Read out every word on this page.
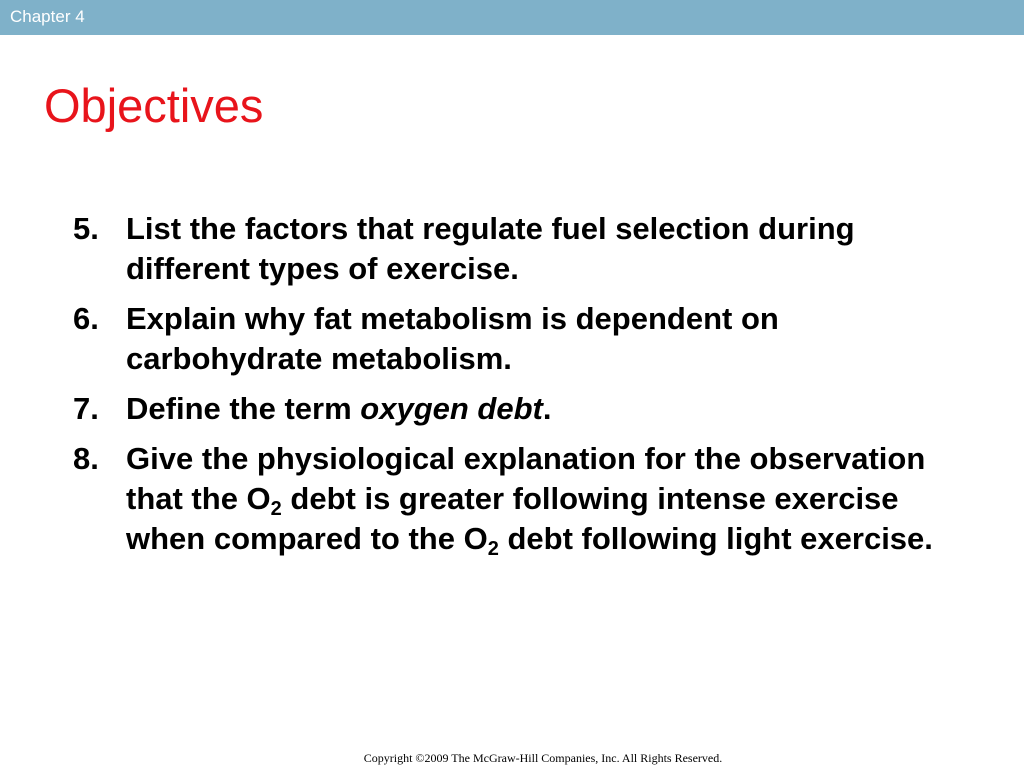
Chapter 4
Objectives
5. List the factors that regulate fuel selection during different types of exercise.
6. Explain why fat metabolism is dependent on carbohydrate metabolism.
7. Define the term oxygen debt.
8. Give the physiological explanation for the observation that the $O_2$ debt is greater following intense exercise when compared to the $O_2$ debt following light exercise.
Copyright ©2009 The McGraw-Hill Companies, Inc. All Rights Reserved.
